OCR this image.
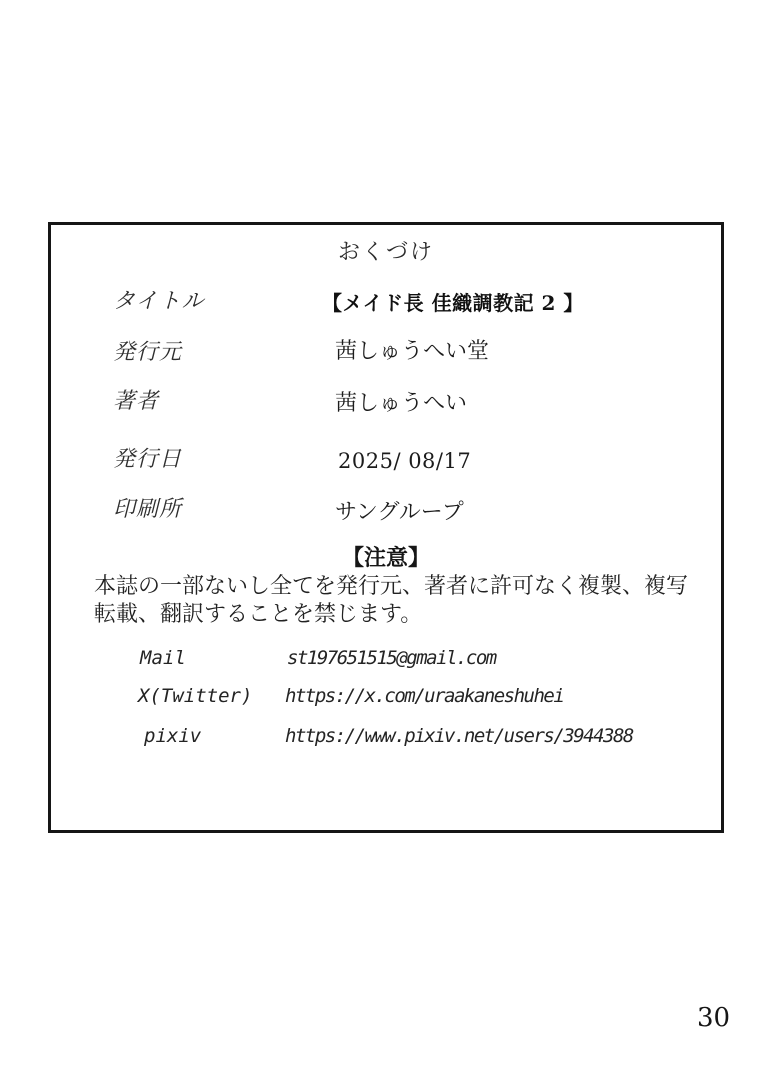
おくづけ
タイトル	【メイド長 佳織調教記 2 】
発行元	茜しゅうへい堂
著者	茜しゅうへい
発行日	2025/ 08/17
印刷所	サングループ
【注意】
本誌の一部ないし全てを発行元、著者に許可なく複製、複写
転載、翻訳することを禁じます。
Mail	st197651515@gmail.com
X(Twitter) https://x.com/uraakaneshuhei
pixiv	https://www.pixiv.net/users/3944388
30
